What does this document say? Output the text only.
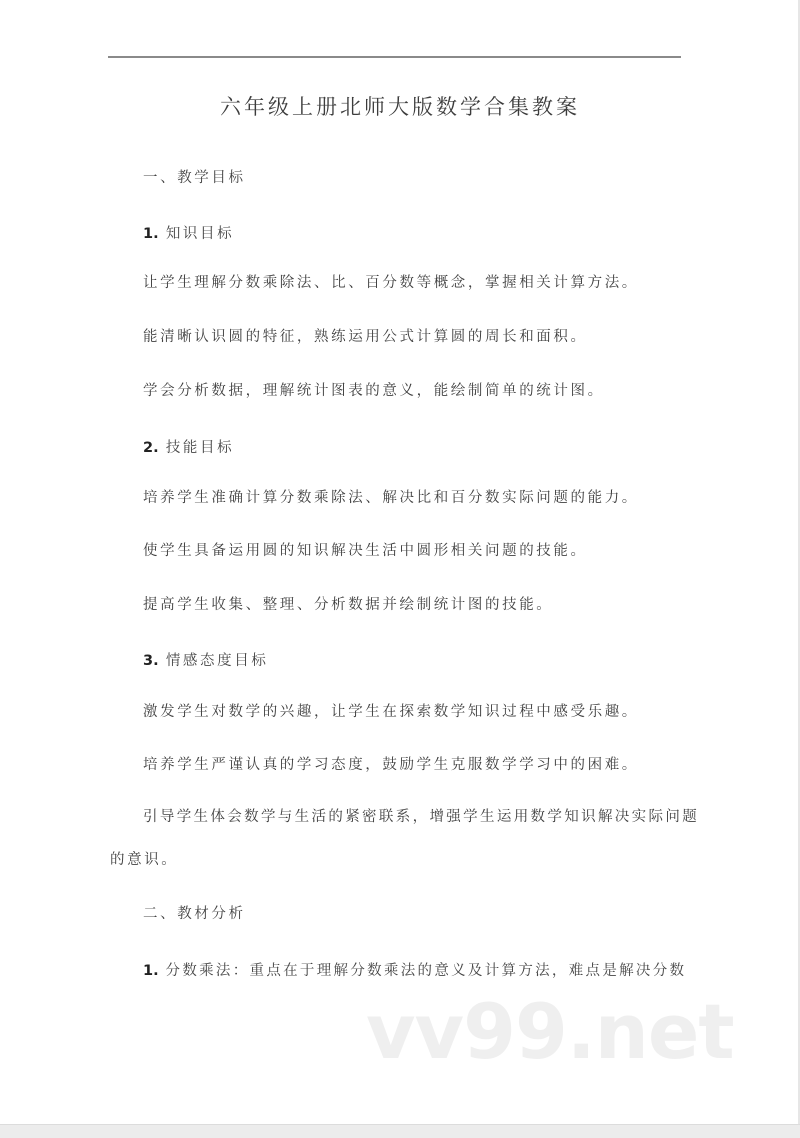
六年级上册北师大版数学合集教案
一、教学目标
1. 知识目标
让学生理解分数乘除法、比、百分数等概念，掌握相关计算方法。
能清晰认识圆的特征，熟练运用公式计算圆的周长和面积。
学会分析数据，理解统计图表的意义，能绘制简单的统计图。
2. 技能目标
培养学生准确计算分数乘除法、解决比和百分数实际问题的能力。
使学生具备运用圆的知识解决生活中圆形相关问题的技能。
提高学生收集、整理、分析数据并绘制统计图的技能。
3. 情感态度目标
激发学生对数学的兴趣，让学生在探索数学知识过程中感受乐趣。
培养学生严谨认真的学习态度，鼓励学生克服数学学习中的困难。
引导学生体会数学与生活的紧密联系，增强学生运用数学知识解决实际问题
的意识。
二、教材分析
1. 分数乘法：重点在于理解分数乘法的意义及计算方法，难点是解决分数
vv99.net
